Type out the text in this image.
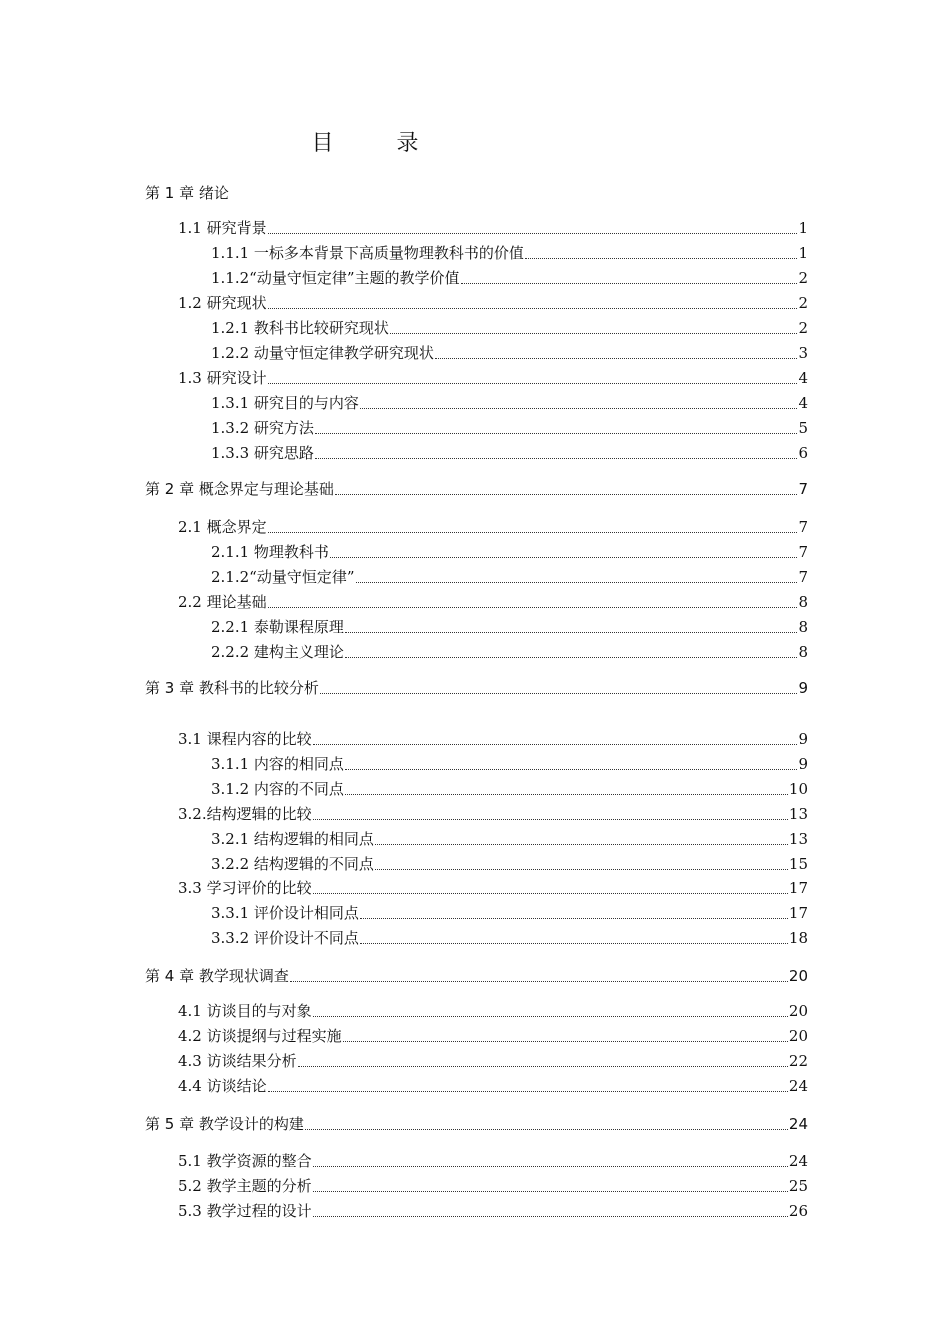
目 录
第 1 章 绪论
1.1 研究背景	1
1.1.1 一标多本背景下高质量物理教科书的价值	1
1.1.2“动量守恒定律”主题的教学价值	2
1.2 研究现状	2
1.2.1 教科书比较研究现状	2
1.2.2 动量守恒定律教学研究现状	3
1.3 研究设计	4
1.3.1 研究目的与内容	4
1.3.2 研究方法	5
1.3.3 研究思路	6
第 2 章 概念界定与理论基础	7
2.1 概念界定	7
2.1.1 物理教科书	7
2.1.2“动量守恒定律”	7
2.2 理论基础	8
2.2.1 泰勒课程原理	8
2.2.2 建构主义理论	8
第 3 章 教科书的比较分析	9
3.1 课程内容的比较	9
3.1.1 内容的相同点	9
3.1.2 内容的不同点	10
3.2.结构逻辑的比较	13
3.2.1 结构逻辑的相同点	13
3.2.2 结构逻辑的不同点	15
3.3 学习评价的比较	17
3.3.1 评价设计相同点	17
3.3.2 评价设计不同点	18
第 4 章 教学现状调查	20
4.1 访谈目的与对象	20
4.2 访谈提纲与过程实施	20
4.3 访谈结果分析	22
4.4 访谈结论	24
第 5 章 教学设计的构建	24
5.1 教学资源的整合	24
5.2 教学主题的分析	25
5.3 教学过程的设计	26
